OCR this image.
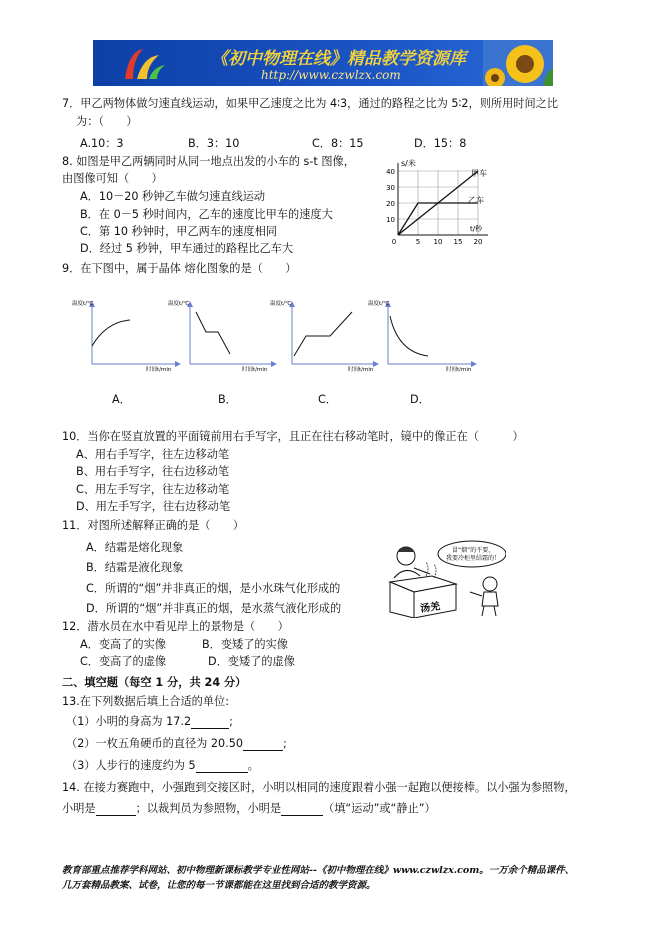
《初中物理在线》精品教学资源库
http://www.czwlzx.com
7．甲乙两物体做匀速直线运动，如果甲乙速度之比为 4∶3，通过的路程之比为 5∶2，则所用时间之比
为：（　　）
A.10：3	B．3：10	C．8：15	D．15：8
8. 如图是甲乙两辆同时从同一地点出发的小车的 s-t 图像，
由图像可知（　　）
A．10－20 秒钟乙车做匀速直线运动
B．在 0－5 秒时间内，乙车的速度比甲车的速度大
C．第 10 秒钟时，甲乙两车的速度相同
D．经过 5 秒钟，甲车通过的路程比乙车大
s/米
t/秒
10
20
30
40
0	5 10 15 20
甲车
乙车
9．在下图中，属于晶体 熔化图象的是（　　）
温度t/℃
时间t/min
温度t/℃
时间t/min
温度t/℃
时间t/min
温度t/℃
时间t/min
A．	B．	C．	D．
10．当你在竖直放置的平面镜前用右手写字，且正在往右移动笔时，镜中的像正在（　　　）
A、用右手写字，往左边移动笔
B、用右手写字，往右边移动笔
C、用左手写字，往左边移动笔
D、用左手写字，往右边移动笔
11．对图所述解释正确的是（　　）
A．结霜是熔化现象
B．结霜是液化现象
C．所谓的“烟”并非真正的烟，是小水珠气化形成的
D．所谓的“烟”并非真正的烟，是水蒸气液化形成的
冒“烟”的不要，
我要冷柜里结霜的！
汤羌
12．潜水员在水中看见岸上的景物是（　　）
A．变高了的实像	B．变矮了的实像
C．变高了的虚像	D．变矮了的虚像
二、填空题（每空 1 分，共 24 分）
13.在下列数据后填上合适的单位:
（1）小明的身高为 17.2	;
（2）一枚五角硬币的直径为 20.50	;
（3）人步行的速度约为 5	。
14. 在接力赛跑中，小强跑到交接区时，小明以相同的速度跟着小强一起跑以便接棒。以小强为参照物，
小明是	；以裁判员为参照物，小明是	（填“运动”或“静止”）
教育部重点推荐学科网站、初中物理新课标教学专业性网站--《初中物理在线》www.czwlzx.com。一万余个精品课件、
几万套精品教案、试卷，让您的每一节课都能在这里找到合适的教学资源。
